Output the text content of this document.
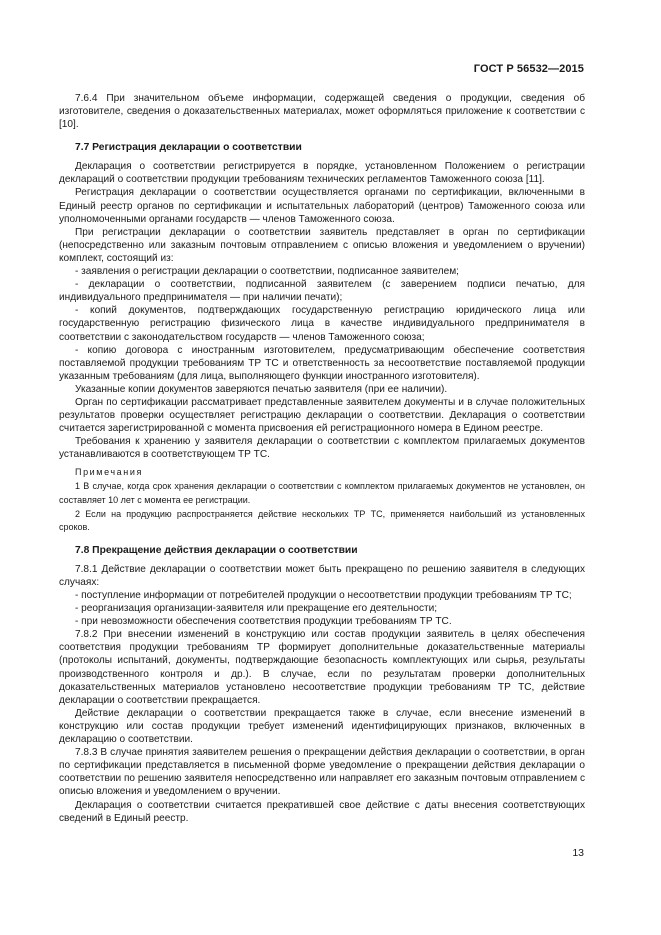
ГОСТ Р 56532—2015

7.6.4 При значительном объеме информации, содержащей сведения о продукции, сведения об изготовителе, сведения о доказательственных материалах, может оформляться приложение к соответствии с [10].

7.7 Регистрация декларации о соответствии

Декларация о соответствии регистрируется в порядке, установленном Положением о регистрации деклараций о соответствии продукции требованиям технических регламентов Таможенного союза [11].

Регистрация декларации о соответствии осуществляется органами по сертификации, включенными в Единый реестр органов по сертификации и испытательных лабораторий (центров) Таможенного союза или уполномоченными органами государств — членов Таможенного союза.

При регистрации декларации о соответствии заявитель представляет в орган по сертификации (непосредственно или заказным почтовым отправлением с описью вложения и уведомлением о вручении) комплект, состоящий из:

- заявления о регистрации декларации о соответствии, подписанное заявителем;

- декларации о соответствии, подписанной заявителем (с заверением подписи печатью, для индивидуального предпринимателя — при наличии печати);

- копий документов, подтверждающих государственную регистрацию юридического лица или государственную регистрацию физического лица в качестве индивидуального предпринимателя в соответствии с законодательством государств — членов Таможенного союза;

- копию договора с иностранным изготовителем, предусматривающим обеспечение соответствия поставляемой продукции требованиям ТР ТС и ответственность за несоответствие поставляемой продукции указанным требованиям (для лица, выполняющего функции иностранного изготовителя).

Указанные копии документов заверяются печатью заявителя (при ее наличии).

Орган по сертификации рассматривает представленные заявителем документы и в случае положительных результатов проверки осуществляет регистрацию декларации о соответствии. Декларация о соответствии считается зарегистрированной с момента присвоения ей регистрационного номера в Едином реестре.

Требования к хранению у заявителя декларации о соответствии с комплектом прилагаемых документов устанавливаются в соответствующем ТР ТС.

Примечания

1 В случае, когда срок хранения декларации о соответствии с комплектом прилагаемых документов не установлен, он составляет 10 лет с момента ее регистрации.

2 Если на продукцию распространяется действие нескольких ТР ТС, применяется наибольший из установленных сроков.

7.8 Прекращение действия декларации о соответствии

7.8.1 Действие декларации о соответствии может быть прекращено по решению заявителя в следующих случаях:

- поступление информации от потребителей продукции о несоответствии продукции требованиям ТР ТС;

- реорганизация организации-заявителя или прекращение его деятельности;

- при невозможности обеспечения соответствия продукции требованиям ТР ТС.

7.8.2 При внесении изменений в конструкцию или состав продукции заявитель в целях обеспечения соответствия продукции требованиям ТР формирует дополнительные доказательственные материалы (протоколы испытаний, документы, подтверждающие безопасность комплектующих или сырья, результаты производственного контроля и др.). В случае, если по результатам проверки дополнительных доказательственных материалов установлено несоответствие продукции требованиям ТР ТС, действие декларации о соответствии прекращается.

Действие декларации о соответствии прекращается также в случае, если внесение изменений в конструкцию или состав продукции требует изменений идентифицирующих признаков, включенных в декларацию о соответствии.

7.8.3 В случае принятия заявителем решения о прекращении действия декларации о соответствии, в орган по сертификации представляется в письменной форме уведомление о прекращении действия декларации о соответствии по решению заявителя непосредственно или направляет его заказным почтовым отправлением с описью вложения и уведомлением о вручении.

Декларация о соответствии считается прекратившей свое действие с даты внесения соответствующих сведений в Единый реестр.

13
